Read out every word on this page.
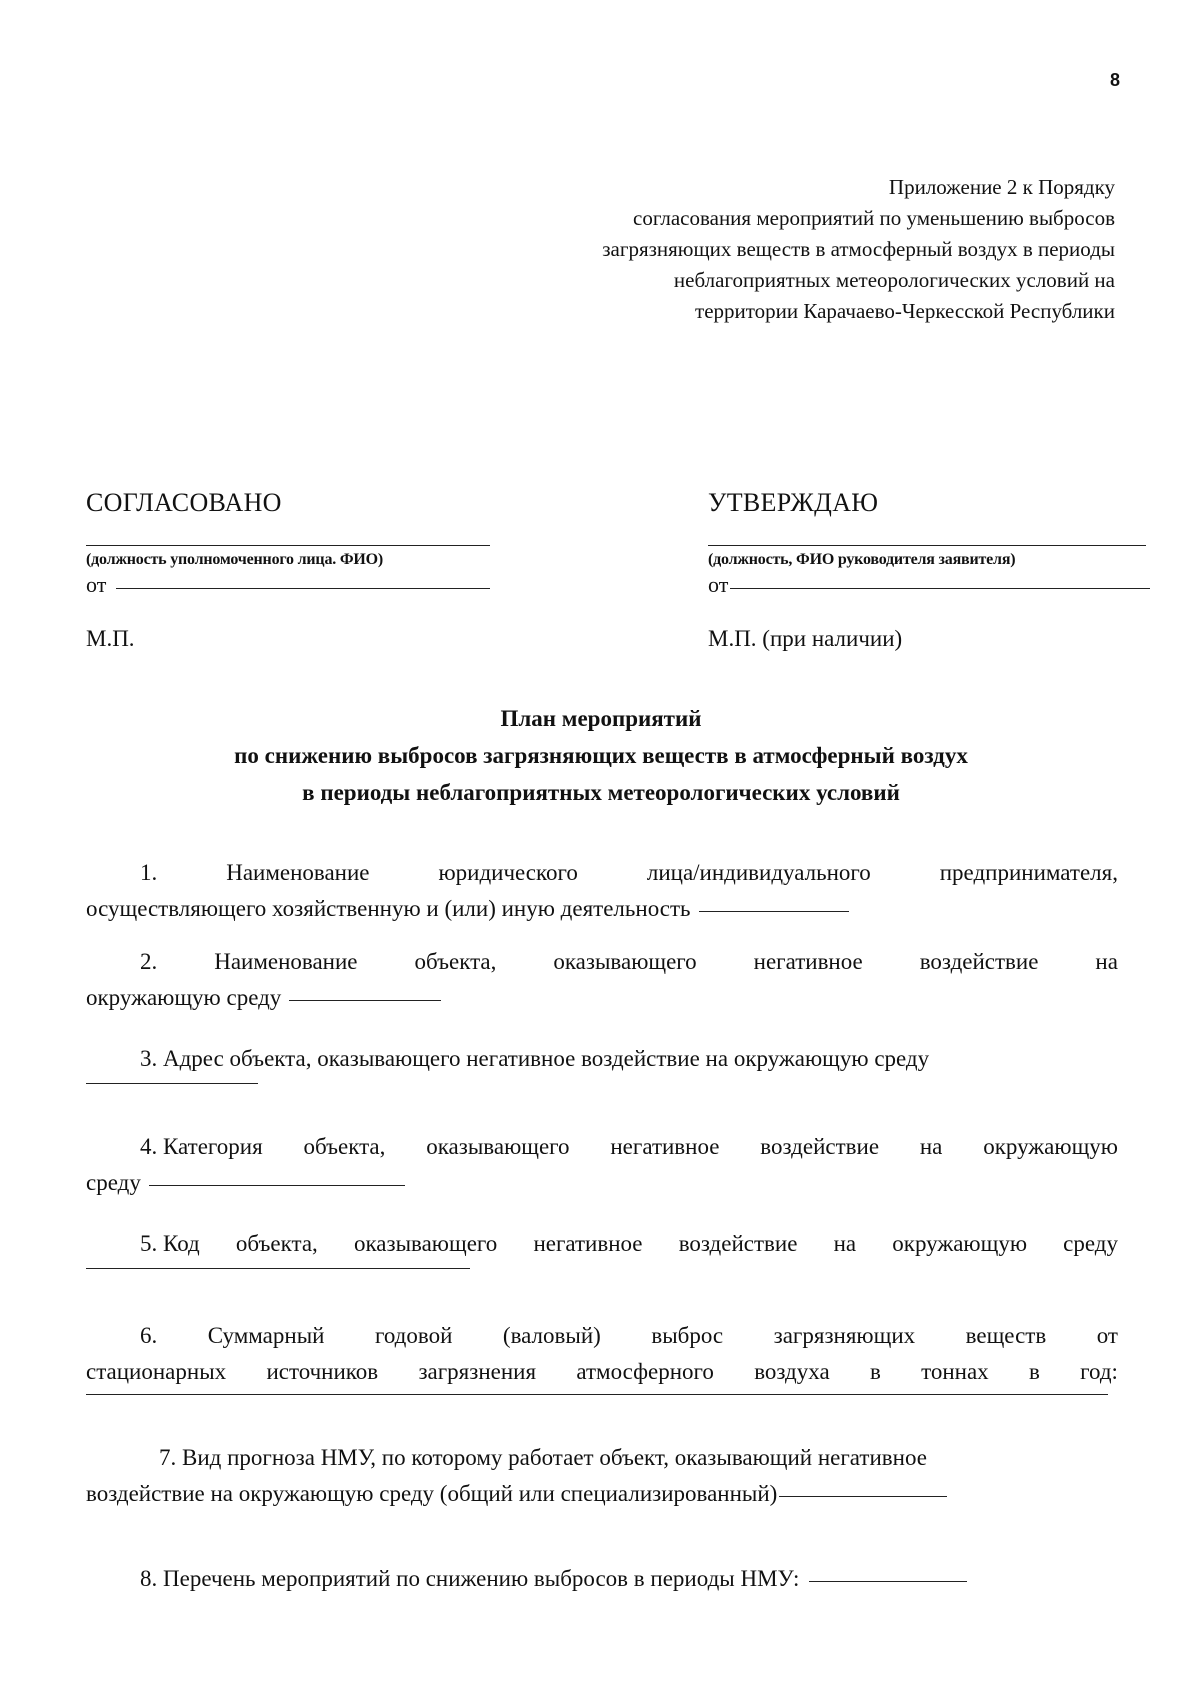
8
Приложение 2 к Порядку
согласования мероприятий по уменьшению выбросов
загрязняющих веществ в атмосферный воздух в периоды
неблагоприятных метеорологических условий на
территории Карачаево-Черкесской Республики
СОГЛАСОВАНО
(должность уполномоченного лица. ФИО)
от
М.П.
УТВЕРЖДАЮ
(должность, ФИО руководителя заявителя)
от
М.П. (при наличии)
План мероприятий
по снижению выбросов загрязняющих веществ в атмосферный воздух
в периоды неблагоприятных метеорологических условий
1.	Наименование	юридического	лица/индивидуального	предпринимателя,
осуществляющего хозяйственную и (или) иную деятельность
2. Наименование объекта, оказывающего негативное воздействие на
окружающую среду
3. Адрес объекта, оказывающего негативное воздействие на окружающую среду
4. Категория объекта, оказывающего негативное воздействие на окружающую
среду
5. Код объекта, оказывающего негативное воздействие на окружающую среду
6. Суммарный годовой (валовый) выброс загрязняющих веществ от
стационарных источников загрязнения атмосферного воздуха в тоннах в год:
7. Вид прогноза НМУ, по которому работает объект, оказывающий негативное
воздействие на окружающую среду (общий или специализированный)
8. Перечень мероприятий по снижению выбросов в периоды НМУ:
